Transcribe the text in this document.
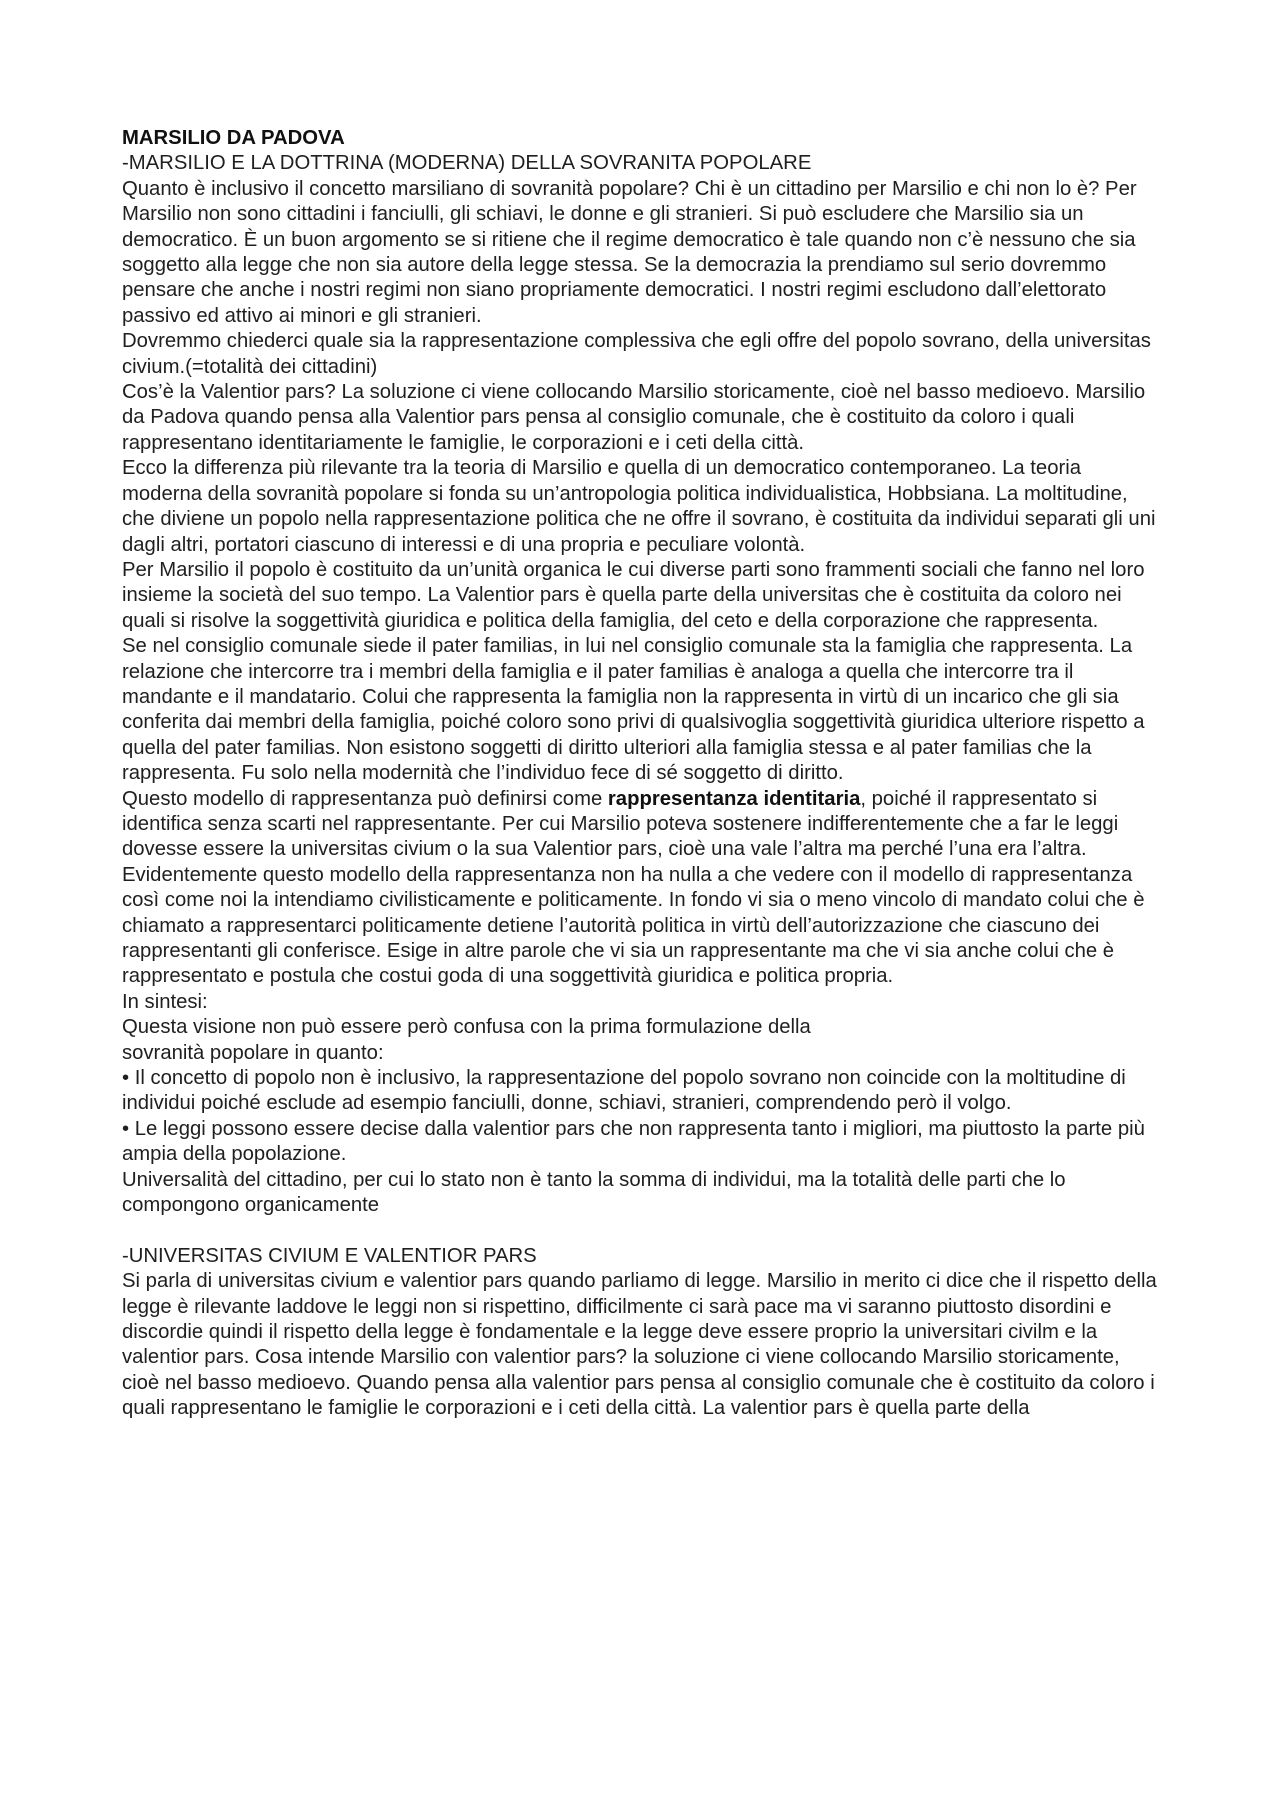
MARSILIO DA PADOVA

-MARSILIO E LA DOTTRINA (MODERNA) DELLA SOVRANITA POPOLARE

Quanto è inclusivo il concetto marsiliano di sovranità popolare? Chi è un cittadino per Marsilio e chi non lo è? Per Marsilio non sono cittadini i fanciulli, gli schiavi, le donne e gli stranieri. Si può escludere che Marsilio sia un democratico. È un buon argomento se si ritiene che il regime democratico è tale quando non c’è nessuno che sia soggetto alla legge che non sia autore della legge stessa. Se la democrazia la prendiamo sul serio dovremmo pensare che anche i nostri regimi non siano propriamente democratici. I nostri regimi escludono dall’elettorato passivo ed attivo ai minori e gli stranieri.

Dovremmo chiederci quale sia la rappresentazione complessiva che egli offre del popolo sovrano, della universitas civium.(=totalità dei cittadini)

Cos’è la Valentior pars? La soluzione ci viene collocando Marsilio storicamente, cioè nel basso medioevo. Marsilio da Padova quando pensa alla Valentior pars pensa al consiglio comunale, che è costituito da coloro i quali rappresentano identitariamente le famiglie, le corporazioni e i ceti della città.

Ecco la differenza più rilevante tra la teoria di Marsilio e quella di un democratico contemporaneo. La teoria moderna della sovranità popolare si fonda su un’antropologia politica individualistica, Hobbsiana. La moltitudine, che diviene un popolo nella rappresentazione politica che ne offre il sovrano, è costituita da individui separati gli uni dagli altri, portatori ciascuno di interessi e di una propria e peculiare volontà.

Per Marsilio il popolo è costituito da un’unità organica le cui diverse parti sono frammenti sociali che fanno nel loro insieme la società del suo tempo. La Valentior pars è quella parte della universitas che è costituita da coloro nei quali si risolve la soggettività giuridica e politica della famiglia, del ceto e della corporazione che rappresenta.

Se nel consiglio comunale siede il pater familias, in lui nel consiglio comunale sta la famiglia che rappresenta. La relazione che intercorre tra i membri della famiglia e il pater familias è analoga a quella che intercorre tra il mandante e il mandatario. Colui che rappresenta la famiglia non la rappresenta in virtù di un incarico che gli sia conferita dai membri della famiglia, poiché coloro sono privi di qualsivoglia soggettività giuridica ulteriore rispetto a quella del pater familias. Non esistono soggetti di diritto ulteriori alla famiglia stessa e al pater familias che la rappresenta. Fu solo nella modernità che l’individuo fece di sé soggetto di diritto.

Questo modello di rappresentanza può definirsi come rappresentanza identitaria, poiché il rappresentato si identifica senza scarti nel rappresentante. Per cui Marsilio poteva sostenere indifferentemente che a far le leggi dovesse essere la universitas civium o la sua Valentior pars, cioè una vale l’altra ma perché l’una era l’altra.

Evidentemente questo modello della rappresentanza non ha nulla a che vedere con il modello di rappresentanza così come noi la intendiamo civilisticamente e politicamente. In fondo vi sia o meno vincolo di mandato colui che è chiamato a rappresentarci politicamente detiene l’autorità politica in virtù dell’autorizzazione che ciascuno dei rappresentanti gli conferisce. Esige in altre parole che vi sia un rappresentante ma che vi sia anche colui che è rappresentato e postula che costui goda di una soggettività giuridica e politica propria.

In sintesi:

Questa visione non può essere però confusa con la prima formulazione della

sovranità popolare in quanto:

• Il concetto di popolo non è inclusivo, la rappresentazione del popolo sovrano non coincide con la moltitudine di individui poiché esclude ad esempio fanciulli, donne, schiavi, stranieri, comprendendo però il volgo.

• Le leggi possono essere decise dalla valentior pars che non rappresenta tanto i migliori, ma piuttosto la parte più ampia della popolazione.

Universalità del cittadino, per cui lo stato non è tanto la somma di individui, ma la totalità delle parti che lo compongono organicamente

-UNIVERSITAS CIVIUM E VALENTIOR PARS

Si parla di universitas civium e valentior pars quando parliamo di legge. Marsilio in merito ci dice che il rispetto della legge è rilevante laddove le leggi non si rispettino, difficilmente ci sarà pace ma vi saranno piuttosto disordini e discordie quindi il rispetto della legge è fondamentale e la legge deve essere proprio la universitari civilm e la valentior pars. Cosa intende Marsilio con valentior pars? la soluzione ci viene collocando Marsilio storicamente, cioè nel basso medioevo. Quando pensa alla valentior pars pensa al consiglio comunale che è costituito da coloro i quali rappresentano le famiglie le corporazioni e i ceti della città. La valentior pars è quella parte della
